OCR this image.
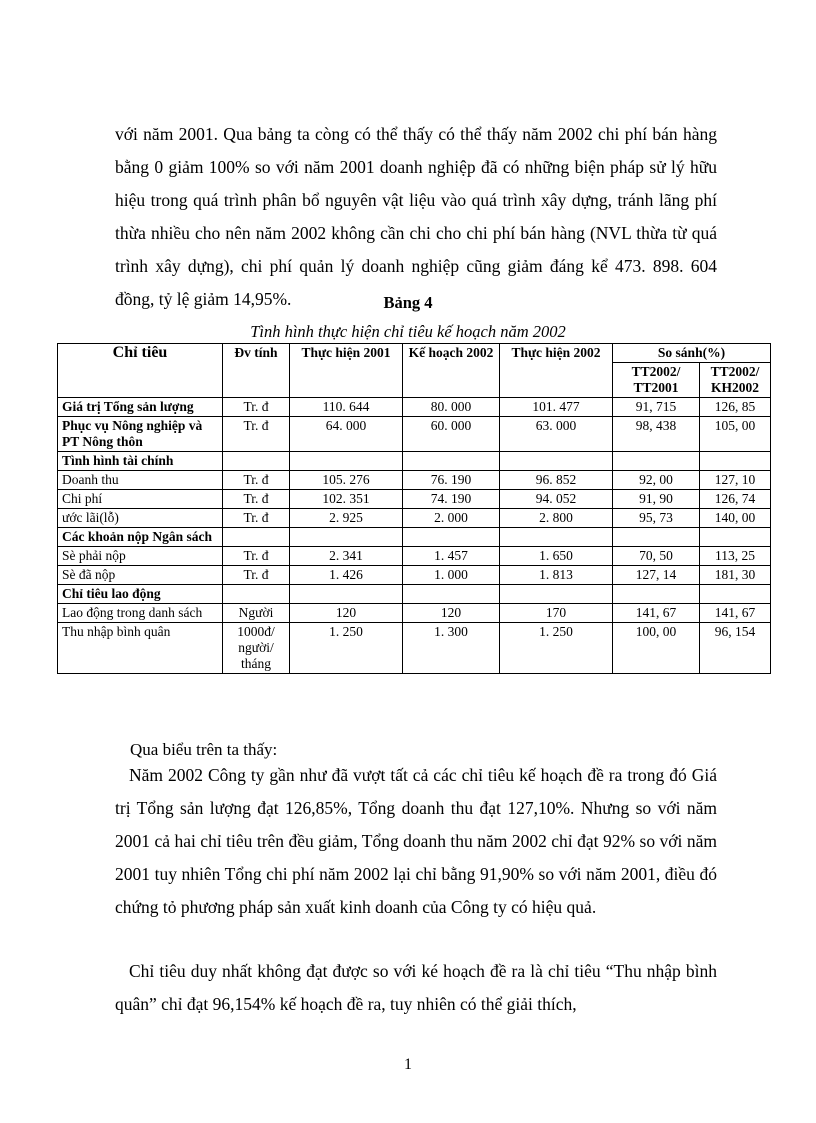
với năm 2001. Qua bảng ta còng có thể thấy có thể thấy năm 2002 chi phí bán hàng bằng 0 giảm 100% so với năm 2001 doanh nghiệp đã có những biện pháp sử lý hữu hiệu trong quá trình phân bổ nguyên vật liệu vào quá trình xây dựng, tránh lãng phí thừa nhiều cho nên năm 2002 không cần chi cho chi phí bán hàng (NVL thừa từ quá trình xây dựng), chi phí quản lý doanh nghiệp cũng giảm đáng kể 473. 898. 604 đồng, tỷ lệ giảm 14,95%.	Bảng 4

Tình hình thực hiện chỉ tiêu kế hoạch năm 2002

Chỉ tiêu	Đv tính	Thực hiện 2001	Kế hoạch 2002	Thực hiện 2002	So sánh(%)	
					TT2002/ TT2001	TT2002/ KH2002
Giá trị Tổng sản lượng	Tr. đ	110. 644	80. 000	101. 477	91, 715	126, 85
Phục vụ Nông nghiệp và PT Nông thôn	Tr. đ	64. 000	60. 000	63. 000	98, 438	105, 00
Tình hình tài chính						
Doanh thu	Tr. đ	105. 276	76. 190	96. 852	92, 00	127, 10
Chi phí	Tr. đ	102. 351	74. 190	94. 052	91, 90	126, 74
ước lãi(lỗ)	Tr. đ	2. 925	2. 000	2. 800	95, 73	140, 00
Các khoản nộp Ngân sách						
Sè phải nộp	Tr. đ	2. 341	1. 457	1. 650	70, 50	113, 25
Sè đã nộp	Tr. đ	1. 426	1. 000	1. 813	127, 14	181, 30
Chỉ tiêu lao động						
Lao động trong danh sách	Người	120	120	170	141, 67	141, 67
Thu nhập bình quân	1000đ/ người/ tháng	1. 250	1. 300	1. 250	100, 00	96, 154

Qua biểu trên ta thấy:

Năm 2002 Công ty gần như đã vượt tất cả các chỉ tiêu kế hoạch đề ra trong đó Giá trị Tổng sản lượng đạt 126,85%, Tổng doanh thu đạt 127,10%. Nhưng so với năm 2001 cả hai chỉ tiêu trên đều giảm, Tổng doanh thu năm 2002 chỉ đạt 92% so với năm 2001 tuy nhiên Tổng chi phí năm 2002 lại chỉ bằng 91,90% so với năm 2001, điều đó chứng tỏ phương pháp sản xuất kinh doanh của Công ty có hiệu quả.

Chỉ tiêu duy nhất không đạt được so với ké hoạch đề ra là chỉ tiêu “Thu nhập bình quân” chỉ đạt 96,154% kế hoạch đề ra, tuy nhiên có thể giải thích,

1
